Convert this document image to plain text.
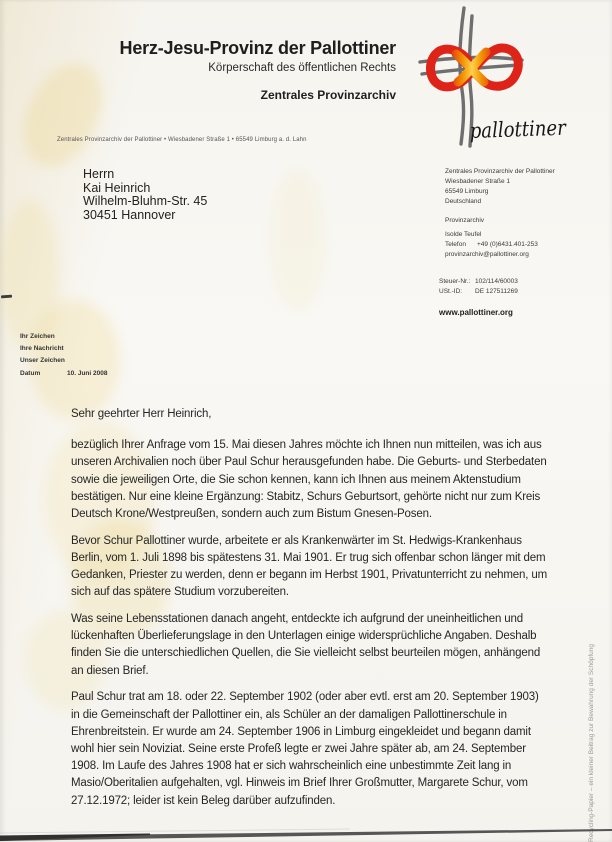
Herz-Jesu-Provinz der Pallottiner
Körperschaft des öffentlichen Rechts
Zentrales Provinzarchiv
pallottiner
Zentrales Provinzarchiv der Pallottiner • Wiesbadener Straße 1 • 65549 Limburg a. d. Lahn
Herrn
Kai Heinrich
Wilhelm-Bluhm-Str. 45
30451 Hannover
Zentrales Provinzarchiv der Pallottiner
Wiesbadener Straße 1
65549 Limburg
Deutschland
Provinzarchiv
Isolde Teufel
Telefon	+49 (0)6431.401-253
provinzarchiv@pallottiner.org
Steuer-Nr.: 102/114/60003
USt.-ID: DE 127511269
www.pallottiner.org
Ihr Zeichen
Ihre Nachricht
Unser Zeichen
Datum	10. Juni 2008

Sehr geehrter Herr Heinrich,

bezüglich Ihrer Anfrage vom 15. Mai diesen Jahres möchte ich Ihnen nun mitteilen, was ich aus unseren Archivalien noch über Paul Schur herausgefunden habe. Die Geburts- und Sterbedaten sowie die jeweiligen Orte, die Sie schon kennen, kann ich Ihnen aus meinem Aktenstudium bestätigen. Nur eine kleine Ergänzung: Stabitz, Schurs Geburtsort, gehörte nicht nur zum Kreis Deutsch Krone/Westpreußen, sondern auch zum Bistum Gnesen-Posen.

Bevor Schur Pallottiner wurde, arbeitete er als Krankenwärter im St. Hedwigs-Krankenhaus Berlin, vom 1. Juli 1898 bis spätestens 31. Mai 1901. Er trug sich offenbar schon länger mit dem Gedanken, Priester zu werden, denn er begann im Herbst 1901, Privatunterricht zu nehmen, um sich auf das spätere Studium vorzubereiten.

Was seine Lebensstationen danach angeht, entdeckte ich aufgrund der uneinheitlichen und lückenhaften Überlieferungslage in den Unterlagen einige widersprüchliche Angaben. Deshalb finden Sie die unterschiedlichen Quellen, die Sie vielleicht selbst beurteilen mögen, anhängend an diesen Brief.

Paul Schur trat am 18. oder 22. September 1902 (oder aber evtl. erst am 20. September 1903) in die Gemeinschaft der Pallottiner ein, als Schüler an der damaligen Pallottinerschule in Ehrenbreitstein. Er wurde am 24. September 1906 in Limburg eingekleidet und begann damit wohl hier sein Noviziat. Seine erste Profeß legte er zwei Jahre später ab, am 24. September 1908. Im Laufe des Jahres 1908 hat er sich wahrscheinlich eine unbestimmte Zeit lang in Masio/Oberitalien aufgehalten, vgl. Hinweis im Brief Ihrer Großmutter, Margarete Schur, vom 27.12.1972; leider ist kein Beleg darüber aufzufinden.	Recycling-Papier – ein kleiner Beitrag zur Bewahrung der Schöpfung
